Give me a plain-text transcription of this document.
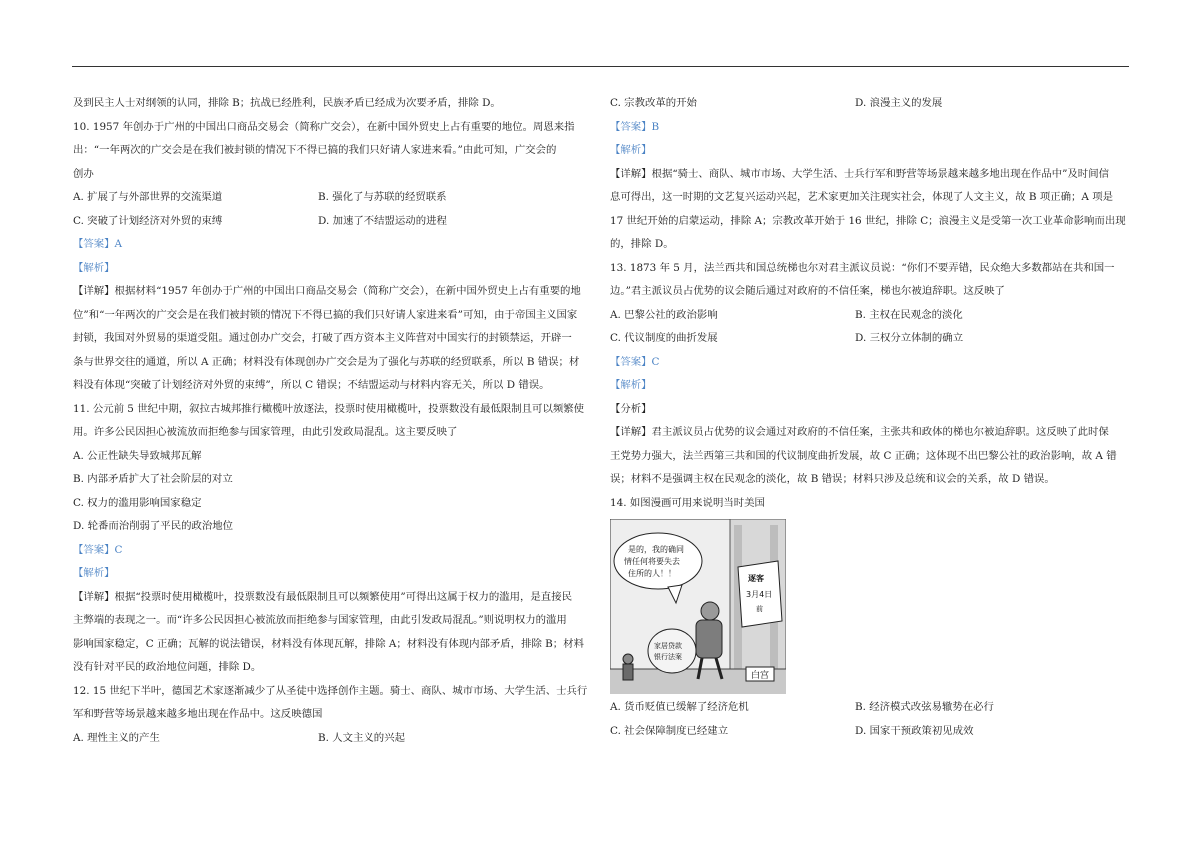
及到民主人士对纲领的认同，排除 B；抗战已经胜利，民族矛盾已经成为次要矛盾，排除 D。

10. 1957 年创办于广州的中国出口商品交易会（简称广交会），在新中国外贸史上占有重要的地位。周恩来指

出：“一年两次的广交会是在我们被封锁的情况下不得已搞的我们只好请人家进来看。”由此可知，广交会的

创办

A. 扩展了与外部世界的交流渠道	B. 强化了与苏联的经贸联系
C. 突破了计划经济对外贸的束缚	D. 加速了不结盟运动的进程

【答案】A

【解析】

【详解】根据材料“1957 年创办于广州的中国出口商品交易会（简称广交会），在新中国外贸史上占有重要的地

位”和“一年两次的广交会是在我们被封锁的情况下不得已搞的我们只好请人家进来看”可知，由于帝国主义国家

封锁，我国对外贸易的渠道受阻。通过创办广交会，打破了西方资本主义阵营对中国实行的封锁禁运，开辟一

条与世界交往的通道，所以 A 正确；材料没有体现创办广交会是为了强化与苏联的经贸联系，所以 B 错误；材

料没有体现“突破了计划经济对外贸的束缚”，所以 C 错误；不结盟运动与材料内容无关，所以 D 错误。

11. 公元前 5 世纪中期，叙拉古城邦推行橄榄叶放逐法，投票时使用橄榄叶，投票数没有最低限制且可以频繁使

用。许多公民因担心被流放而拒绝参与国家管理，由此引发政局混乱。这主要反映了

A. 公正性缺失导致城邦瓦解

B. 内部矛盾扩大了社会阶层的对立

C. 权力的滥用影响国家稳定

D. 轮番而治削弱了平民的政治地位

【答案】C

【解析】

【详解】根据“投票时使用橄榄叶，投票数没有最低限制且可以频繁使用”可得出这属于权力的滥用，是直接民

主弊端的表现之一。而“许多公民因担心被流放而拒绝参与国家管理，由此引发政局混乱。”则说明权力的滥用

影响国家稳定，C 正确；瓦解的说法错误，材料没有体现瓦解，排除 A；材料没有体现内部矛盾，排除 B；材料

没有针对平民的政治地位问题，排除 D。

12. 15 世纪下半叶，德国艺术家逐渐减少了从圣徒中选择创作主题。骑士、商队、城市市场、大学生活、士兵行

军和野营等场景越来越多地出现在作品中。这反映德国

A. 理性主义的产生	B. 人文主义的兴起
C. 宗教改革的开始	D. 浪漫主义的发展

【答案】B

【解析】

【详解】根据“骑士、商队、城市市场、大学生活、士兵行军和野营等场景越来越多地出现在作品中”及时间信

息可得出，这一时期的文艺复兴运动兴起，艺术家更加关注现实社会，体现了人文主义，故 B 项正确；A 项是

17 世纪开始的启蒙运动，排除 A；宗教改革开始于 16 世纪，排除 C；浪漫主义是受第一次工业革命影响而出现

的，排除 D。

13. 1873 年 5 月，法兰西共和国总统梯也尔对君主派议员说：“你们不要弄错，民众绝大多数都站在共和国一

边。”君主派议员占优势的议会随后通过对政府的不信任案，梯也尔被迫辞职。这反映了

A. 巴黎公社的政治影响	B. 主权在民观念的淡化
C. 代议制度的曲折发展	D. 三权分立体制的确立

【答案】C

【解析】

【分析】

【详解】君主派议员占优势的议会通过对政府的不信任案，主张共和政体的梯也尔被迫辞职。这反映了此时保

王党势力强大，法兰西第三共和国的代议制度曲折发展，故 C 正确；这体现不出巴黎公社的政治影响，故 A 错

误；材料不是强调主权在民观念的淡化，故 B 错误；材料只涉及总统和议会的关系，故 D 错误。

14. 如图漫画可用来说明当时美国

是的，我的确同
情任何将要失去
住所的人！！
逐客
3月4日
前
家居贷款
银行法案
白宫
A. 货币贬值已缓解了经济危机	B. 经济模式改弦易辙势在必行
C. 社会保障制度已经建立	D. 国家干预政策初见成效
